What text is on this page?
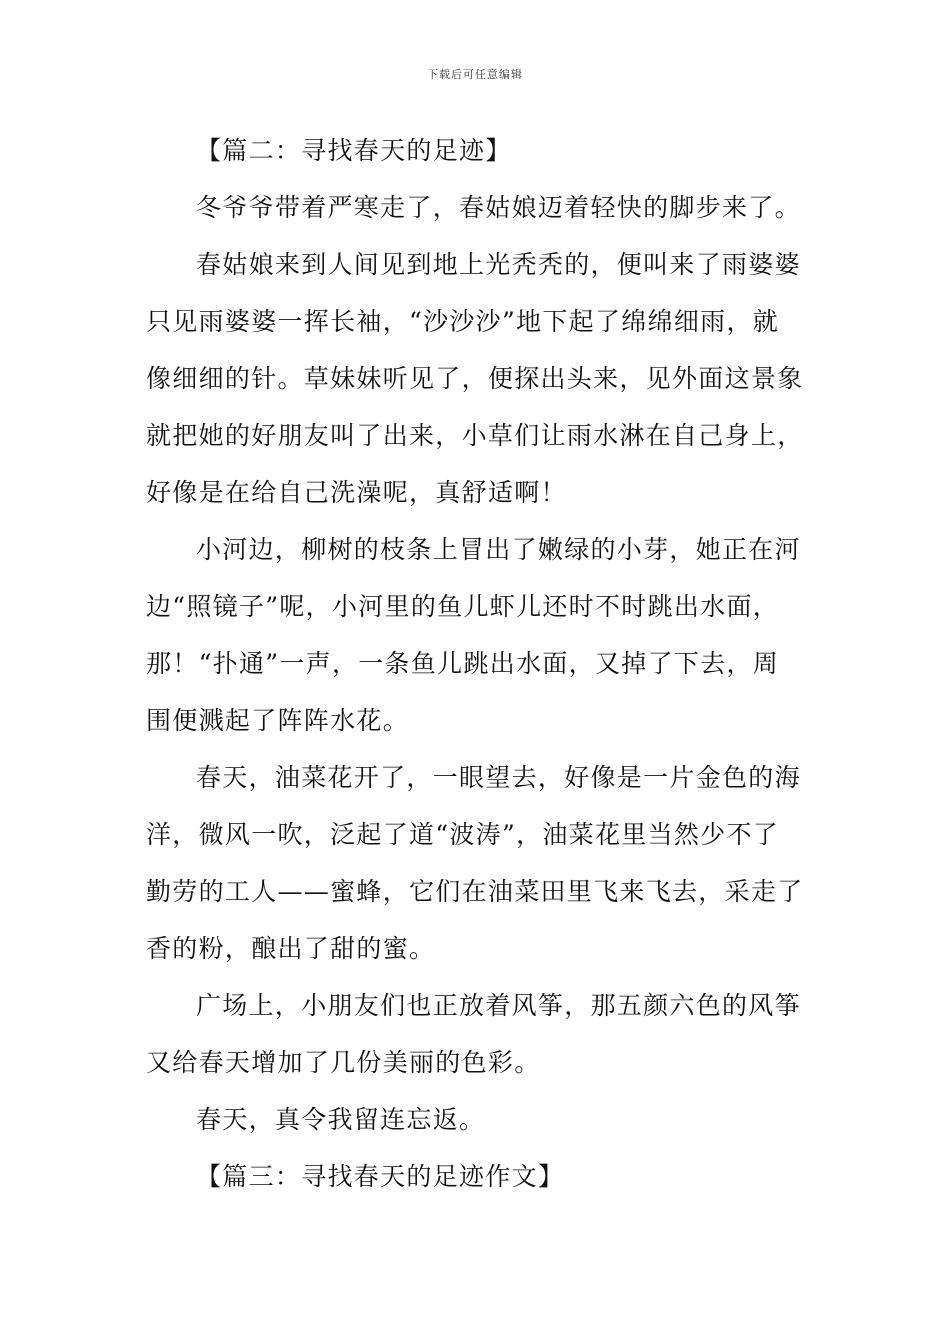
下载后可任意编辑
【篇二：寻找春天的足迹】
冬爷爷带着严寒走了，春姑娘迈着轻快的脚步来了。
春姑娘来到人间见到地上光秃秃的，便叫来了雨婆婆
只见雨婆婆一挥长袖，“沙沙沙”地下起了绵绵细雨，就
像细细的针。草妹妹听见了，便探出头来，见外面这景象
就把她的好朋友叫了出来，小草们让雨水淋在自己身上，
好像是在给自己洗澡呢，真舒适啊！
小河边，柳树的枝条上冒出了嫩绿的小芽，她正在河
边“照镜子”呢，小河里的鱼儿虾儿还时不时跳出水面，
那！“扑通”一声，一条鱼儿跳出水面，又掉了下去，周
围便溅起了阵阵水花。
春天，油菜花开了，一眼望去，好像是一片金色的海
洋，微风一吹，泛起了道“波涛”，油菜花里当然少不了
勤劳的工人——蜜蜂，它们在油菜田里飞来飞去，采走了
香的粉，酿出了甜的蜜。
广场上，小朋友们也正放着风筝，那五颜六色的风筝
又给春天增加了几份美丽的色彩。
春天，真令我留连忘返。
【篇三：寻找春天的足迹作文】
